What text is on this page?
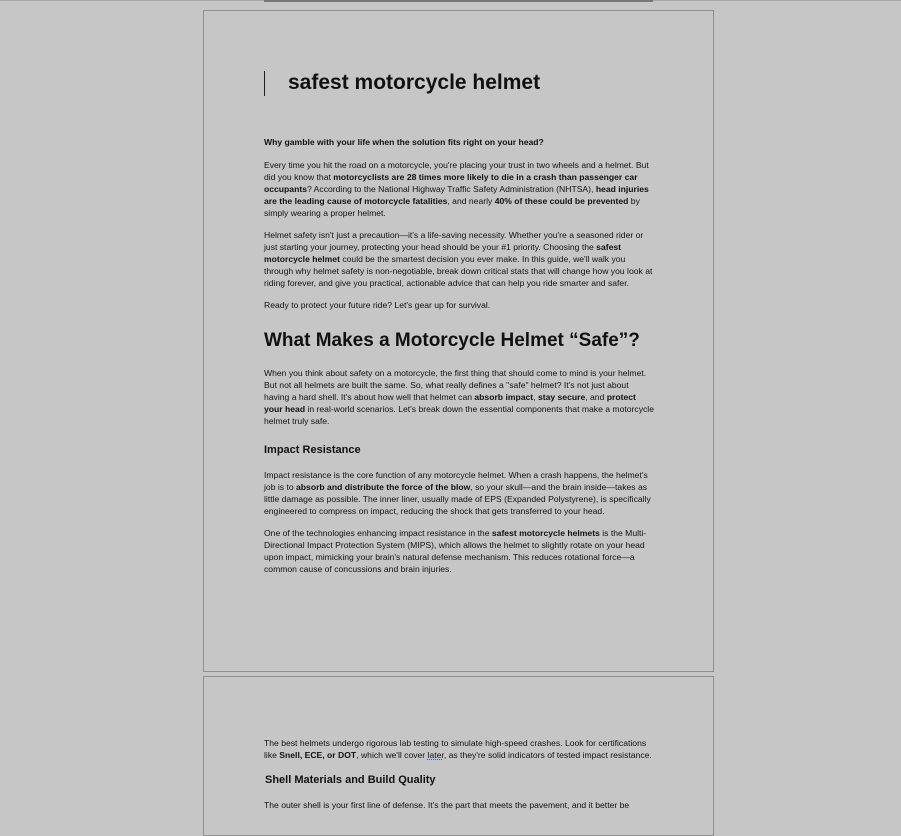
safest motorcycle helmet

Why gamble with your life when the solution fits right on your head?

Every time you hit the road on a motorcycle, you're placing your trust in two wheels and a helmet. But did you know that motorcyclists are 28 times more likely to die in a crash than passenger car occupants? According to the National Highway Traffic Safety Administration (NHTSA), head injuries are the leading cause of motorcycle fatalities, and nearly 40% of these could be prevented by simply wearing a proper helmet.

Helmet safety isn't just a precaution—it's a life-saving necessity. Whether you're a seasoned rider or just starting your journey, protecting your head should be your #1 priority. Choosing the safest motorcycle helmet could be the smartest decision you ever make. In this guide, we'll walk you through why helmet safety is non-negotiable, break down critical stats that will change how you look at riding forever, and give you practical, actionable advice that can help you ride smarter and safer.

Ready to protect your future ride? Let's gear up for survival.

What Makes a Motorcycle Helmet “Safe”?

When you think about safety on a motorcycle, the first thing that should come to mind is your helmet. But not all helmets are built the same. So, what really defines a "safe" helmet? It's not just about having a hard shell. It's about how well that helmet can absorb impact, stay secure, and protect your head in real-world scenarios. Let's break down the essential components that make a motorcycle helmet truly safe.

Impact Resistance

Impact resistance is the core function of any motorcycle helmet. When a crash happens, the helmet's job is to absorb and distribute the force of the blow, so your skull—and the brain inside—takes as little damage as possible. The inner liner, usually made of EPS (Expanded Polystyrene), is specifically engineered to compress on impact, reducing the shock that gets transferred to your head.

One of the technologies enhancing impact resistance in the safest motorcycle helmets is the Multi-Directional Impact Protection System (MIPS), which allows the helmet to slightly rotate on your head upon impact, mimicking your brain's natural defense mechanism. This reduces rotational force—a common cause of concussions and brain injuries.

The best helmets undergo rigorous lab testing to simulate high-speed crashes. Look for certifications like Snell, ECE, or DOT, which we'll cover later, as they're solid indicators of tested impact resistance.

Shell Materials and Build Quality

The outer shell is your first line of defense. It's the part that meets the pavement, and it better be
